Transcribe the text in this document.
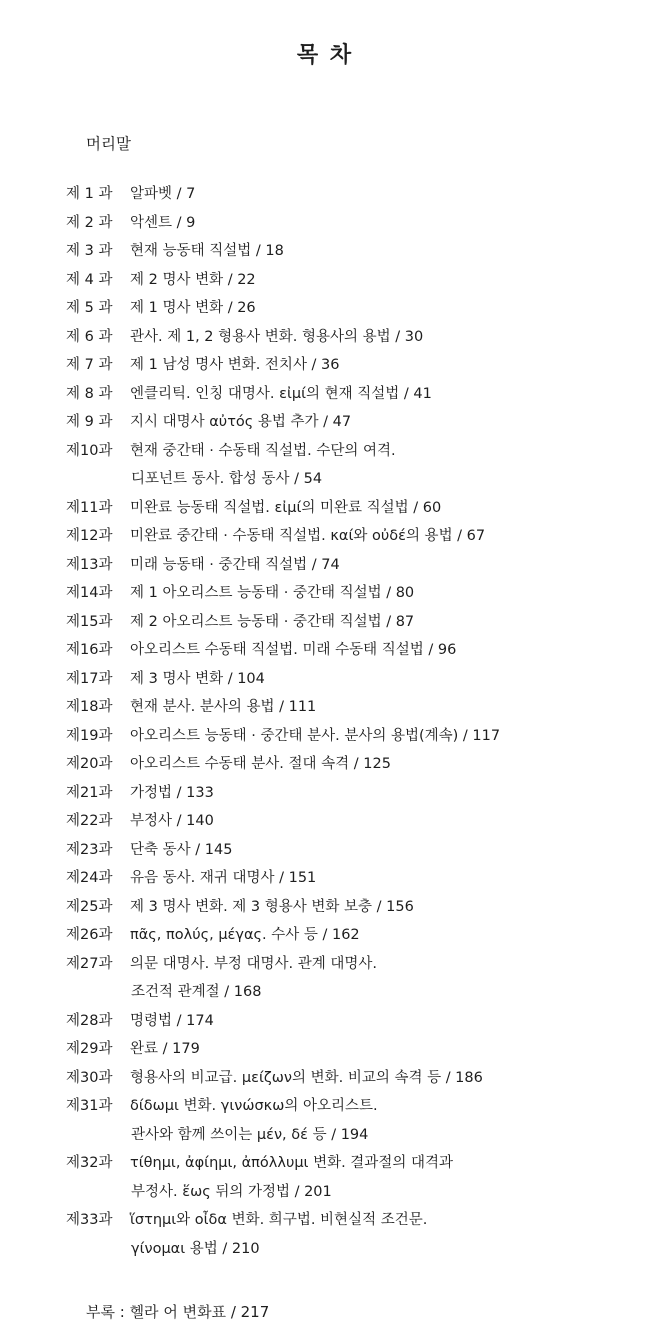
목 차
머리말
제 1 과	알파벳 / 7
제 2 과	악센트 / 9
제 3 과	현재 능동태 직설법 / 18
제 4 과	제 2 명사 변화 / 22
제 5 과	제 1 명사 변화 / 26
제 6 과	관사. 제 1, 2 형용사 변화. 형용사의 용법 / 30
제 7 과	제 1 남성 명사 변화. 전치사 / 36
제 8 과	엔클리틱. 인칭 대명사. εἰμί의 현재 직설법 / 41
제 9 과	지시 대명사 αὐτός 용법 추가 / 47
제10과	현재 중간태 · 수동태 직설법. 수단의 여격.
디포넌트 동사. 합성 동사 / 54
제11과	미완료 능동태 직설법. εἰμί의 미완료 직설법 / 60
제12과	미완료 중간태 · 수동태 직설법. καί와 οὐδέ의 용법 / 67
제13과	미래 능동태 · 중간태 직설법 / 74
제14과	제 1 아오리스트 능동태 · 중간태 직설법 / 80
제15과	제 2 아오리스트 능동태 · 중간태 직설법 / 87
제16과	아오리스트 수동태 직설법. 미래 수동태 직설법 / 96
제17과	제 3 명사 변화 / 104
제18과	현재 분사. 분사의 용법 / 111
제19과	아오리스트 능동태 · 중간태 분사. 분사의 용법(계속) / 117
제20과	아오리스트 수동태 분사. 절대 속격 / 125
제21과	가정법 / 133
제22과	부정사 / 140
제23과	단축 동사 / 145
제24과	유음 동사. 재귀 대명사 / 151
제25과	제 3 명사 변화. 제 3 형용사 변화 보충 / 156
제26과	πᾶς, πολύς, μέγας. 수사 등 / 162
제27과	의문 대명사. 부정 대명사. 관계 대명사.
조건적 관계절 / 168
제28과	명령법 / 174
제29과	완료 / 179
제30과	형용사의 비교급. μείζων의 변화. 비교의 속격 등 / 186
제31과	δίδωμι 변화. γινώσκω의 아오리스트.
관사와 함께 쓰이는 μέν, δέ 등 / 194
제32과	τίθημι, ἀφίημι, ἀπόλλυμι 변화. 결과절의 대격과
부정사. ἕως 뒤의 가정법 / 201
제33과	ἵστημι와 οἶδα 변화. 희구법. 비현실적 조건문.
γίνομαι 용법 / 210
부록 : 헬라 어 변화표 / 217
